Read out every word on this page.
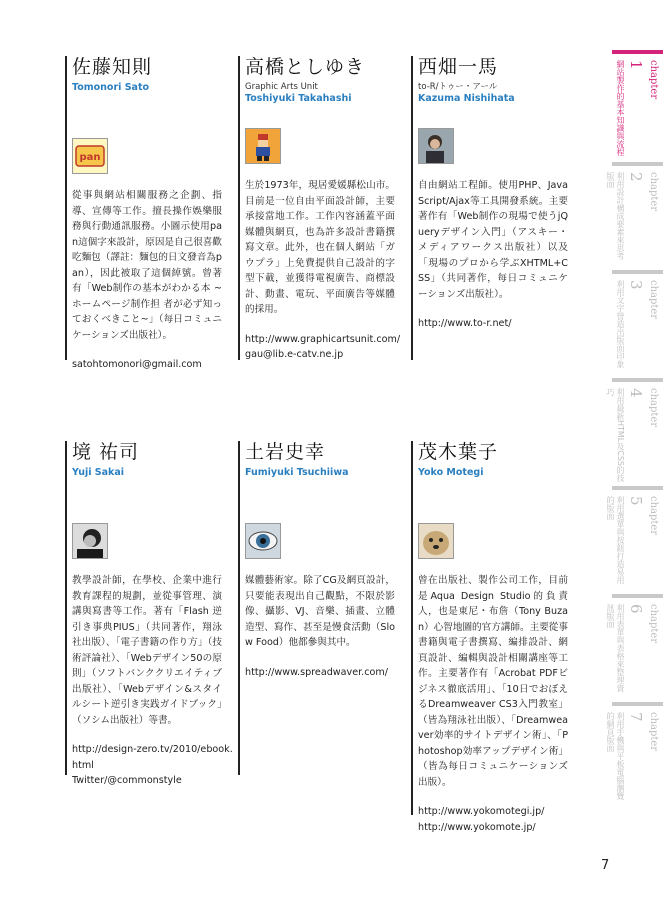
佐藤知則
Tomonori Sato
pan
從事與網站相關服務之企劃、指導、宣傳等工作。擅長操作娛樂服務與行動通訊服務。小圖示使用pan這個字來設計，原因是自己很喜歡吃麵包（譯註：麵包的日文發音為pan），因此被取了這個綽號。曾著有「Web制作の基本がわかる本 ~ホームページ制作担 者が必ず知っておくべきこと~」（每日コミュニケーションズ出版社）。
satohtomonori@gmail.com
高橋としゆき
Graphic Arts Unit
Toshiyuki Takahashi
生於1973年，現居愛媛縣松山市。目前是一位自由平面設計師，主要承接當地工作。工作內容涵蓋平面媒體與網頁，也為許多設計書籍撰寫文章。此外，也在個人網站「ガウプラ」上免費提供自己設計的字型下載，並獲得電視廣告、商標設計、動畫、電玩、平面廣告等媒體的採用。
http://www.graphicartsunit.com/
gau@lib.e-catv.ne.jp
西畑一馬
to-R/トゥー・アール
Kazuma Nishihata
自由網站工程師。使用PHP、JavaScript/Ajax等工具開發系統。主要著作有「Web制作の現場で使うjQueryデザイン入門」（アスキー・メディアワークス出版社）以及「現場のプロから学ぶXHTML+CSS」（共同著作，每日コミュニケーションズ出版社）。
http://www.to-r.net/
境 祐司
Yuji Sakai
教學設計師，在學校、企業中進行教育課程的規劃，並從事管理、演講與寫書等工作。著有「Flash 逆引き事典PIUS」（共同著作，翔泳社出版）、「電子書籍の作り方」（技術評論社）、「Webデザイン50の原則」（ソフトバンククリエイティブ出版社）、「Webデザイン&スタイルシート逆引き実践ガイドブック」（ソシム出版社）等書。
http://design-zero.tv/2010/ebook.
html
Twitter/@commonstyle
土岩史幸
Fumiyuki Tsuchiiwa
媒體藝術家。除了CG及網頁設計，只要能表現出自己觀點，不限於影像、攝影、VJ、音樂、插畫、立體造型、寫作、甚至是慢食活動（Slow Food）他都參與其中。
http://www.spreadwaver.com/
茂木葉子
Yoko Motegi
曾在出版社、製作公司工作，目前是Aqua Design Studio的負責人，也是東尼・布詹（Tony Buzan）心智地圖的官方講師。主要從事書籍與電子書撰寫、編排設計、網頁設計、編輯與設計相關講座等工作。主要著作有「Acrobat PDFビジネス徹底活用」、「10日でおぼえるDreamweaver CS3入門教室」（皆為翔泳社出版）、「Dreamweaver効率的サイトデザイン術」、「Photoshop効率アップデザイン術」（皆為每日コミュニケーションズ出版）。
http://www.yokomotegi.jp/
http://www.yokomote.jp/
chapter
1
網站製作的基本知識與流程
chapter
2
利用設計構成要素來思考版面
chapter
3
利用文字營造出版面印象
chapter
4
利用最新HTML及CSS的技巧
chapter
5
利用選單與按鈕打造易用的版面
chapter
6
利用表單與表格來整理資訊版面
chapter
7
利用手機與平板電腦瀏覽的網頁版面
7
